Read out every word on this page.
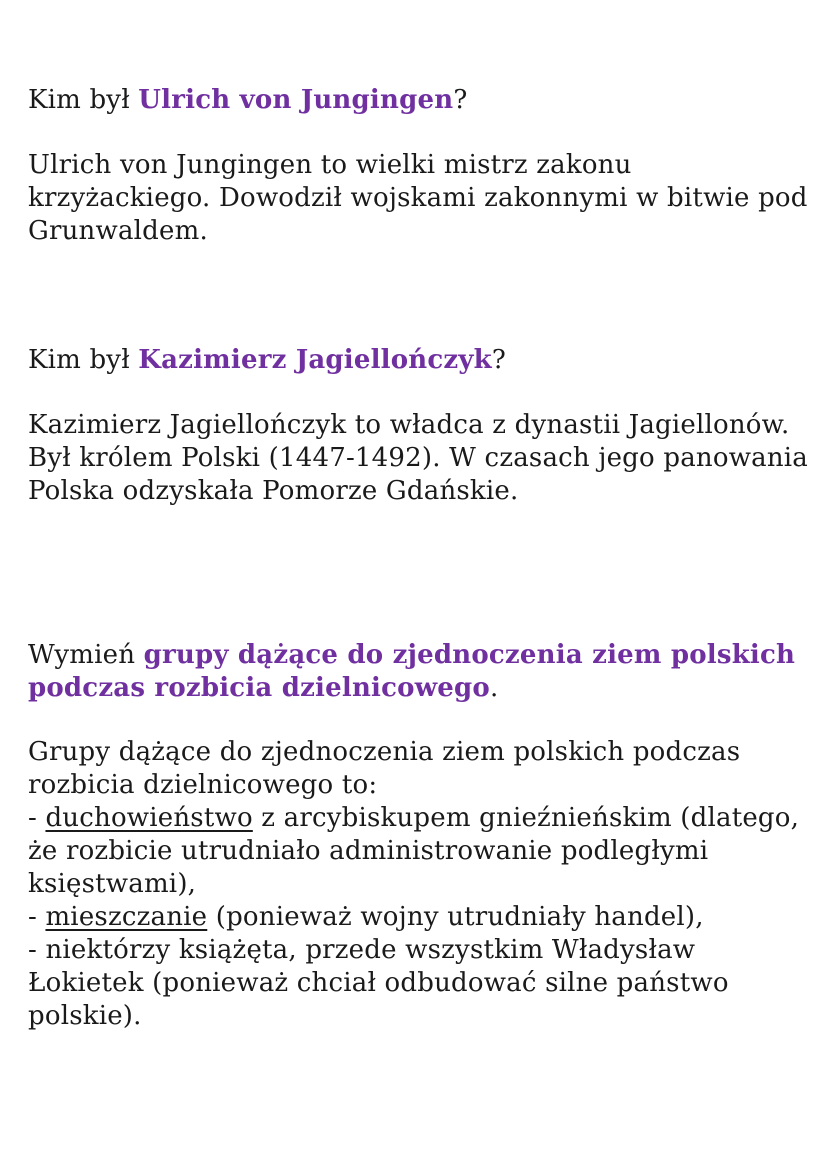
Kim był Ulrich von Jungingen?

Ulrich von Jungingen to wielki mistrz zakonu krzyżackiego. Dowodził wojskami zakonnymi w bitwie pod Grunwaldem.

Kim był Kazimierz Jagiellończyk?

Kazimierz Jagiellończyk to władca z dynastii Jagiellonów. Był królem Polski (1447-1492). W czasach jego panowania Polska odzyskała Pomorze Gdańskie.

Wymień grupy dążące do zjednoczenia ziem polskich podczas rozbicia dzielnicowego.

Grupy dążące do zjednoczenia ziem polskich podczas rozbicia dzielnicowego to:

- duchowieństwo z arcybiskupem gnieźnieńskim (dlatego, że rozbicie utrudniało administrowanie podległymi księstwami),

- mieszczanie (ponieważ wojny utrudniały handel),

- niektórzy książęta, przede wszystkim Władysław Łokietek (ponieważ chciał odbudować silne państwo polskie).
